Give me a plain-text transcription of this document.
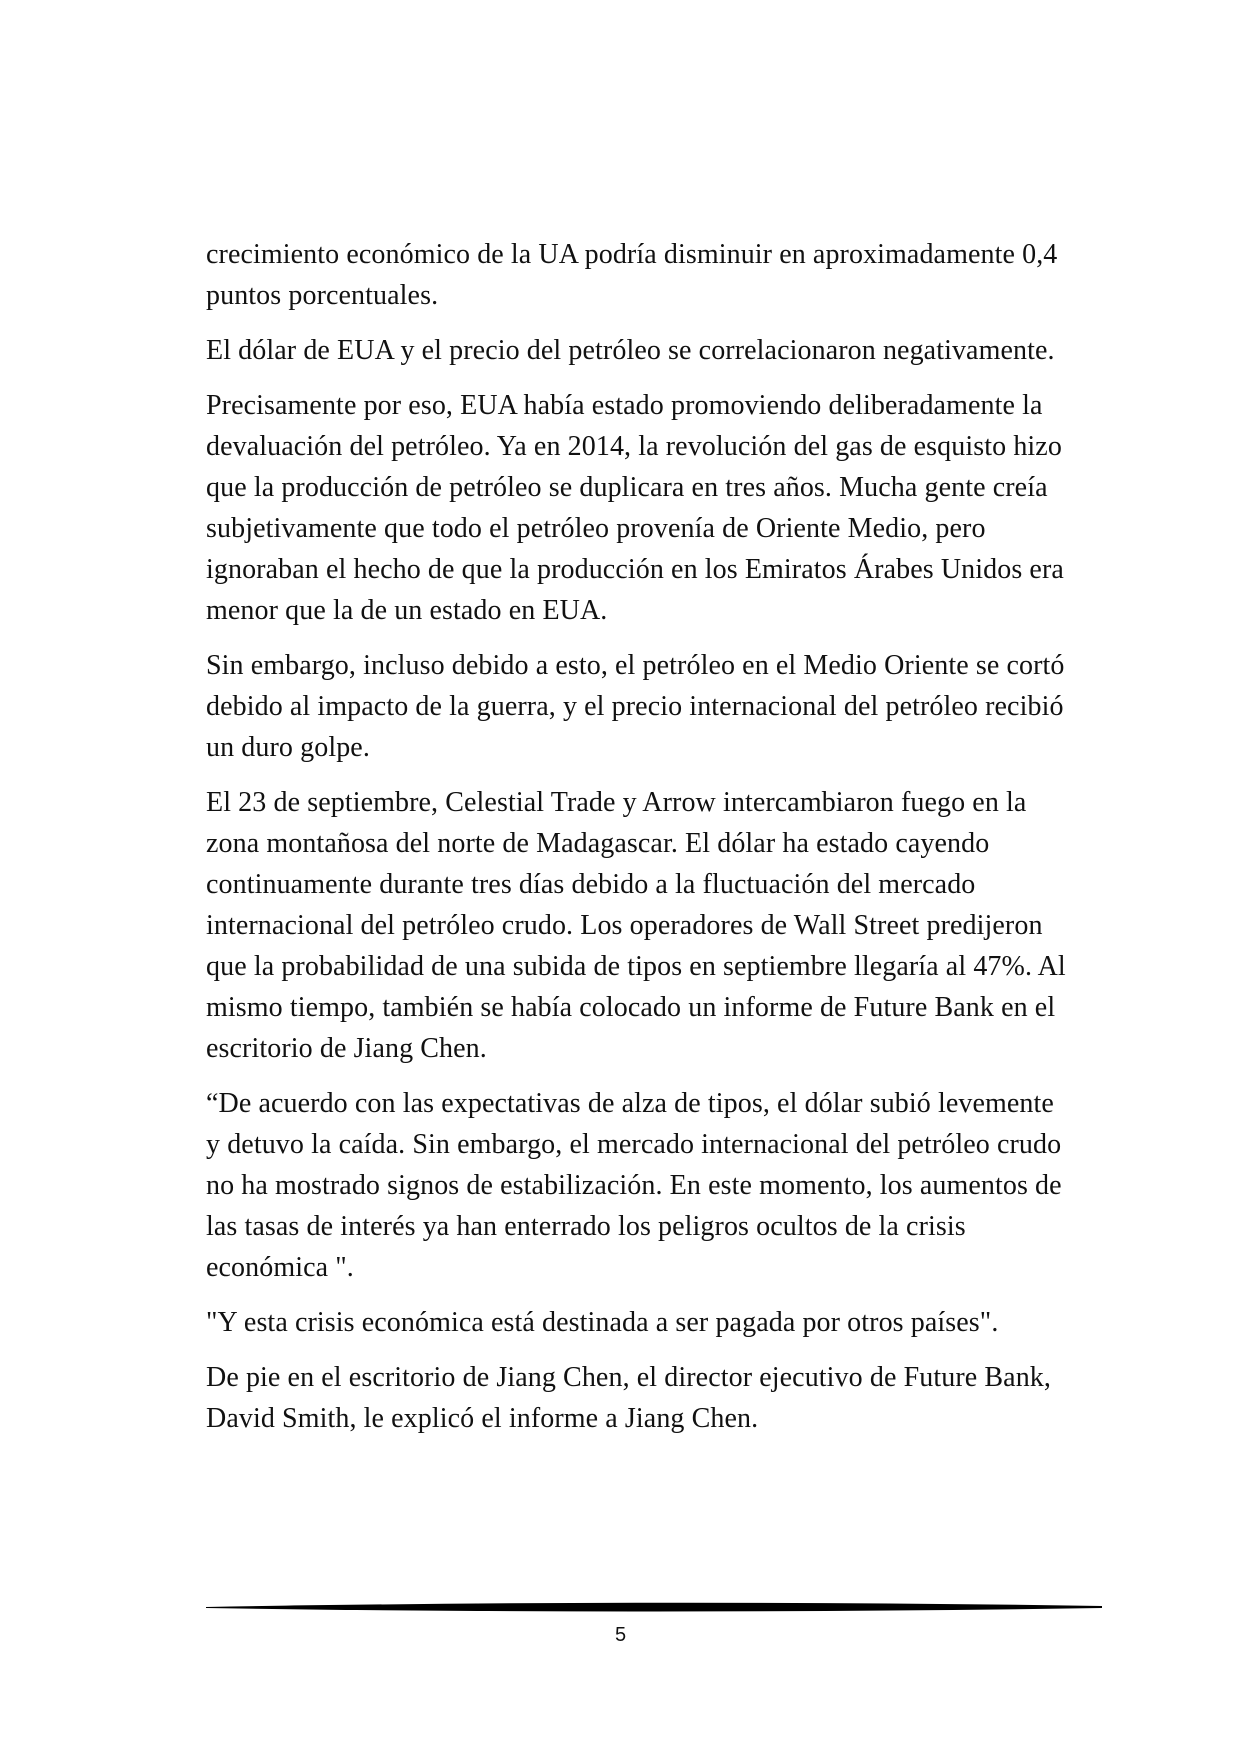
crecimiento económico de la UA podría disminuir en aproximadamente 0,4 puntos porcentuales.

El dólar de EUA y el precio del petróleo se correlacionaron negativamente.

Precisamente por eso, EUA había estado promoviendo deliberadamente la devaluación del petróleo. Ya en 2014, la revolución del gas de esquisto hizo que la producción de petróleo se duplicara en tres años. Mucha gente creía subjetivamente que todo el petróleo provenía de Oriente Medio, pero ignoraban el hecho de que la producción en los Emiratos Árabes Unidos era menor que la de un estado en EUA.

Sin embargo, incluso debido a esto, el petróleo en el Medio Oriente se cortó debido al impacto de la guerra, y el precio internacional del petróleo recibió un duro golpe.

El 23 de septiembre, Celestial Trade y Arrow intercambiaron fuego en la zona montañosa del norte de Madagascar. El dólar ha estado cayendo continuamente durante tres días debido a la fluctuación del mercado internacional del petróleo crudo. Los operadores de Wall Street predijeron que la probabilidad de una subida de tipos en septiembre llegaría al 47%. Al mismo tiempo, también se había colocado un informe de Future Bank en el escritorio de Jiang Chen.

“De acuerdo con las expectativas de alza de tipos, el dólar subió levemente y detuvo la caída. Sin embargo, el mercado internacional del petróleo crudo no ha mostrado signos de estabilización. En este momento, los aumentos de las tasas de interés ya han enterrado los peligros ocultos de la crisis económica ".

"Y esta crisis económica está destinada a ser pagada por otros países".

De pie en el escritorio de Jiang Chen, el director ejecutivo de Future Bank, David Smith, le explicó el informe a Jiang Chen.

5
